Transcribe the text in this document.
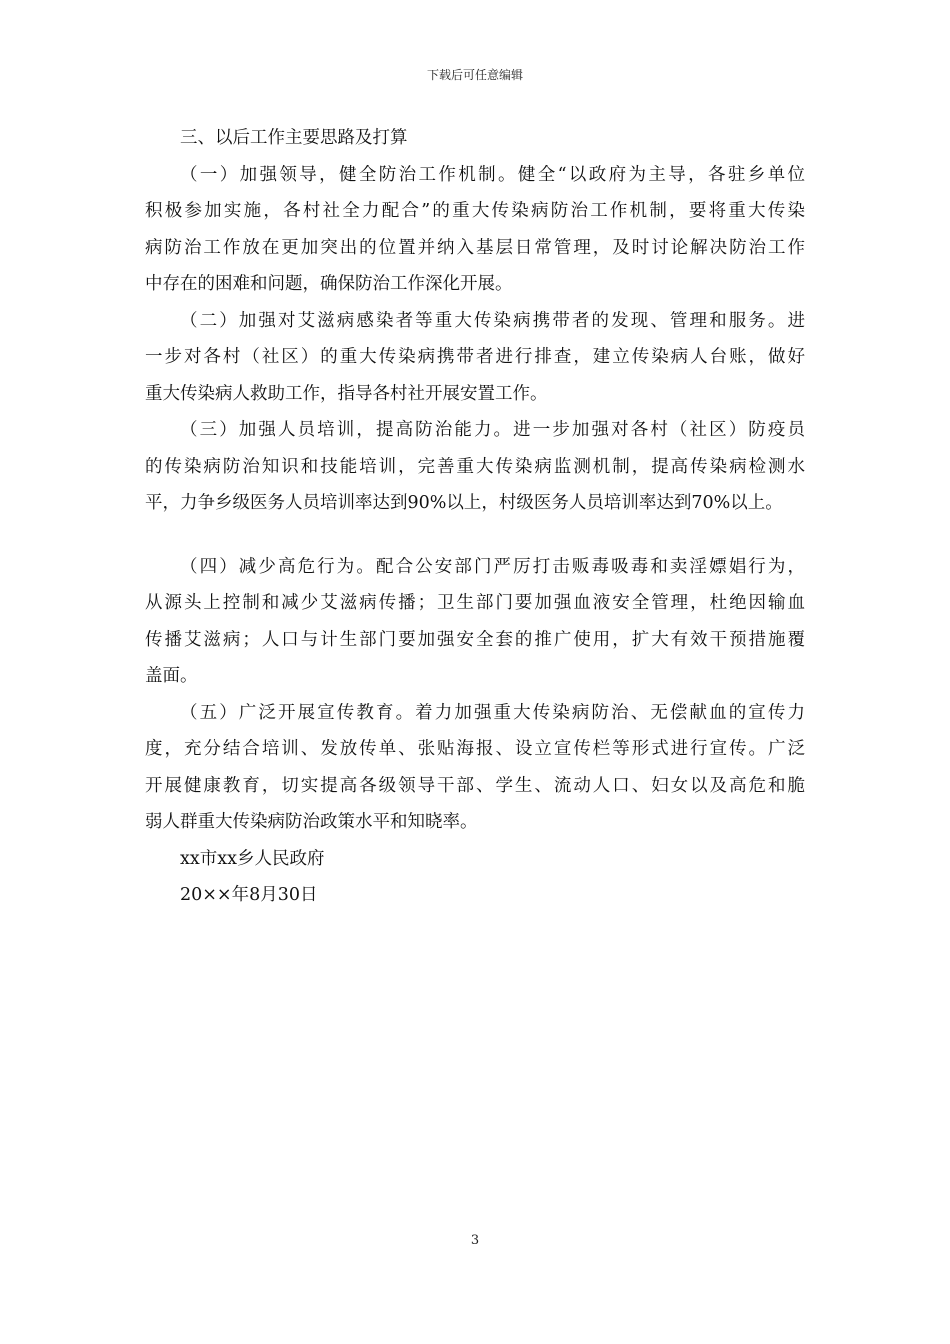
下载后可任意编辑
三、以后工作主要思路及打算
（一）加强领导，健全防治工作机制。健全“以政府为主导，各驻乡单位
积极参加实施，各村社全力配合”的重大传染病防治工作机制，要将重大传染
病防治工作放在更加突出的位置并纳入基层日常管理，及时讨论解决防治工作
中存在的困难和问题，确保防治工作深化开展。
（二）加强对艾滋病感染者等重大传染病携带者的发现、管理和服务。进
一步对各村（社区）的重大传染病携带者进行排查，建立传染病人台账，做好
重大传染病人救助工作，指导各村社开展安置工作。
（三）加强人员培训，提高防治能力。进一步加强对各村（社区）防疫员
的传染病防治知识和技能培训，完善重大传染病监测机制，提高传染病检测水
平，力争乡级医务人员培训率达到90%以上，村级医务人员培训率达到70%以上。
（四）减少高危行为。配合公安部门严厉打击贩毒吸毒和卖淫嫖娼行为，
从源头上控制和减少艾滋病传播；卫生部门要加强血液安全管理，杜绝因输血
传播艾滋病；人口与计生部门要加强安全套的推广使用，扩大有效干预措施覆
盖面。
（五）广泛开展宣传教育。着力加强重大传染病防治、无偿献血的宣传力
度，充分结合培训、发放传单、张贴海报、设立宣传栏等形式进行宣传。广泛
开展健康教育，切实提高各级领导干部、学生、流动人口、妇女以及高危和脆
弱人群重大传染病防治政策水平和知晓率。
xx市xx乡人民政府
20××年8月30日
3
